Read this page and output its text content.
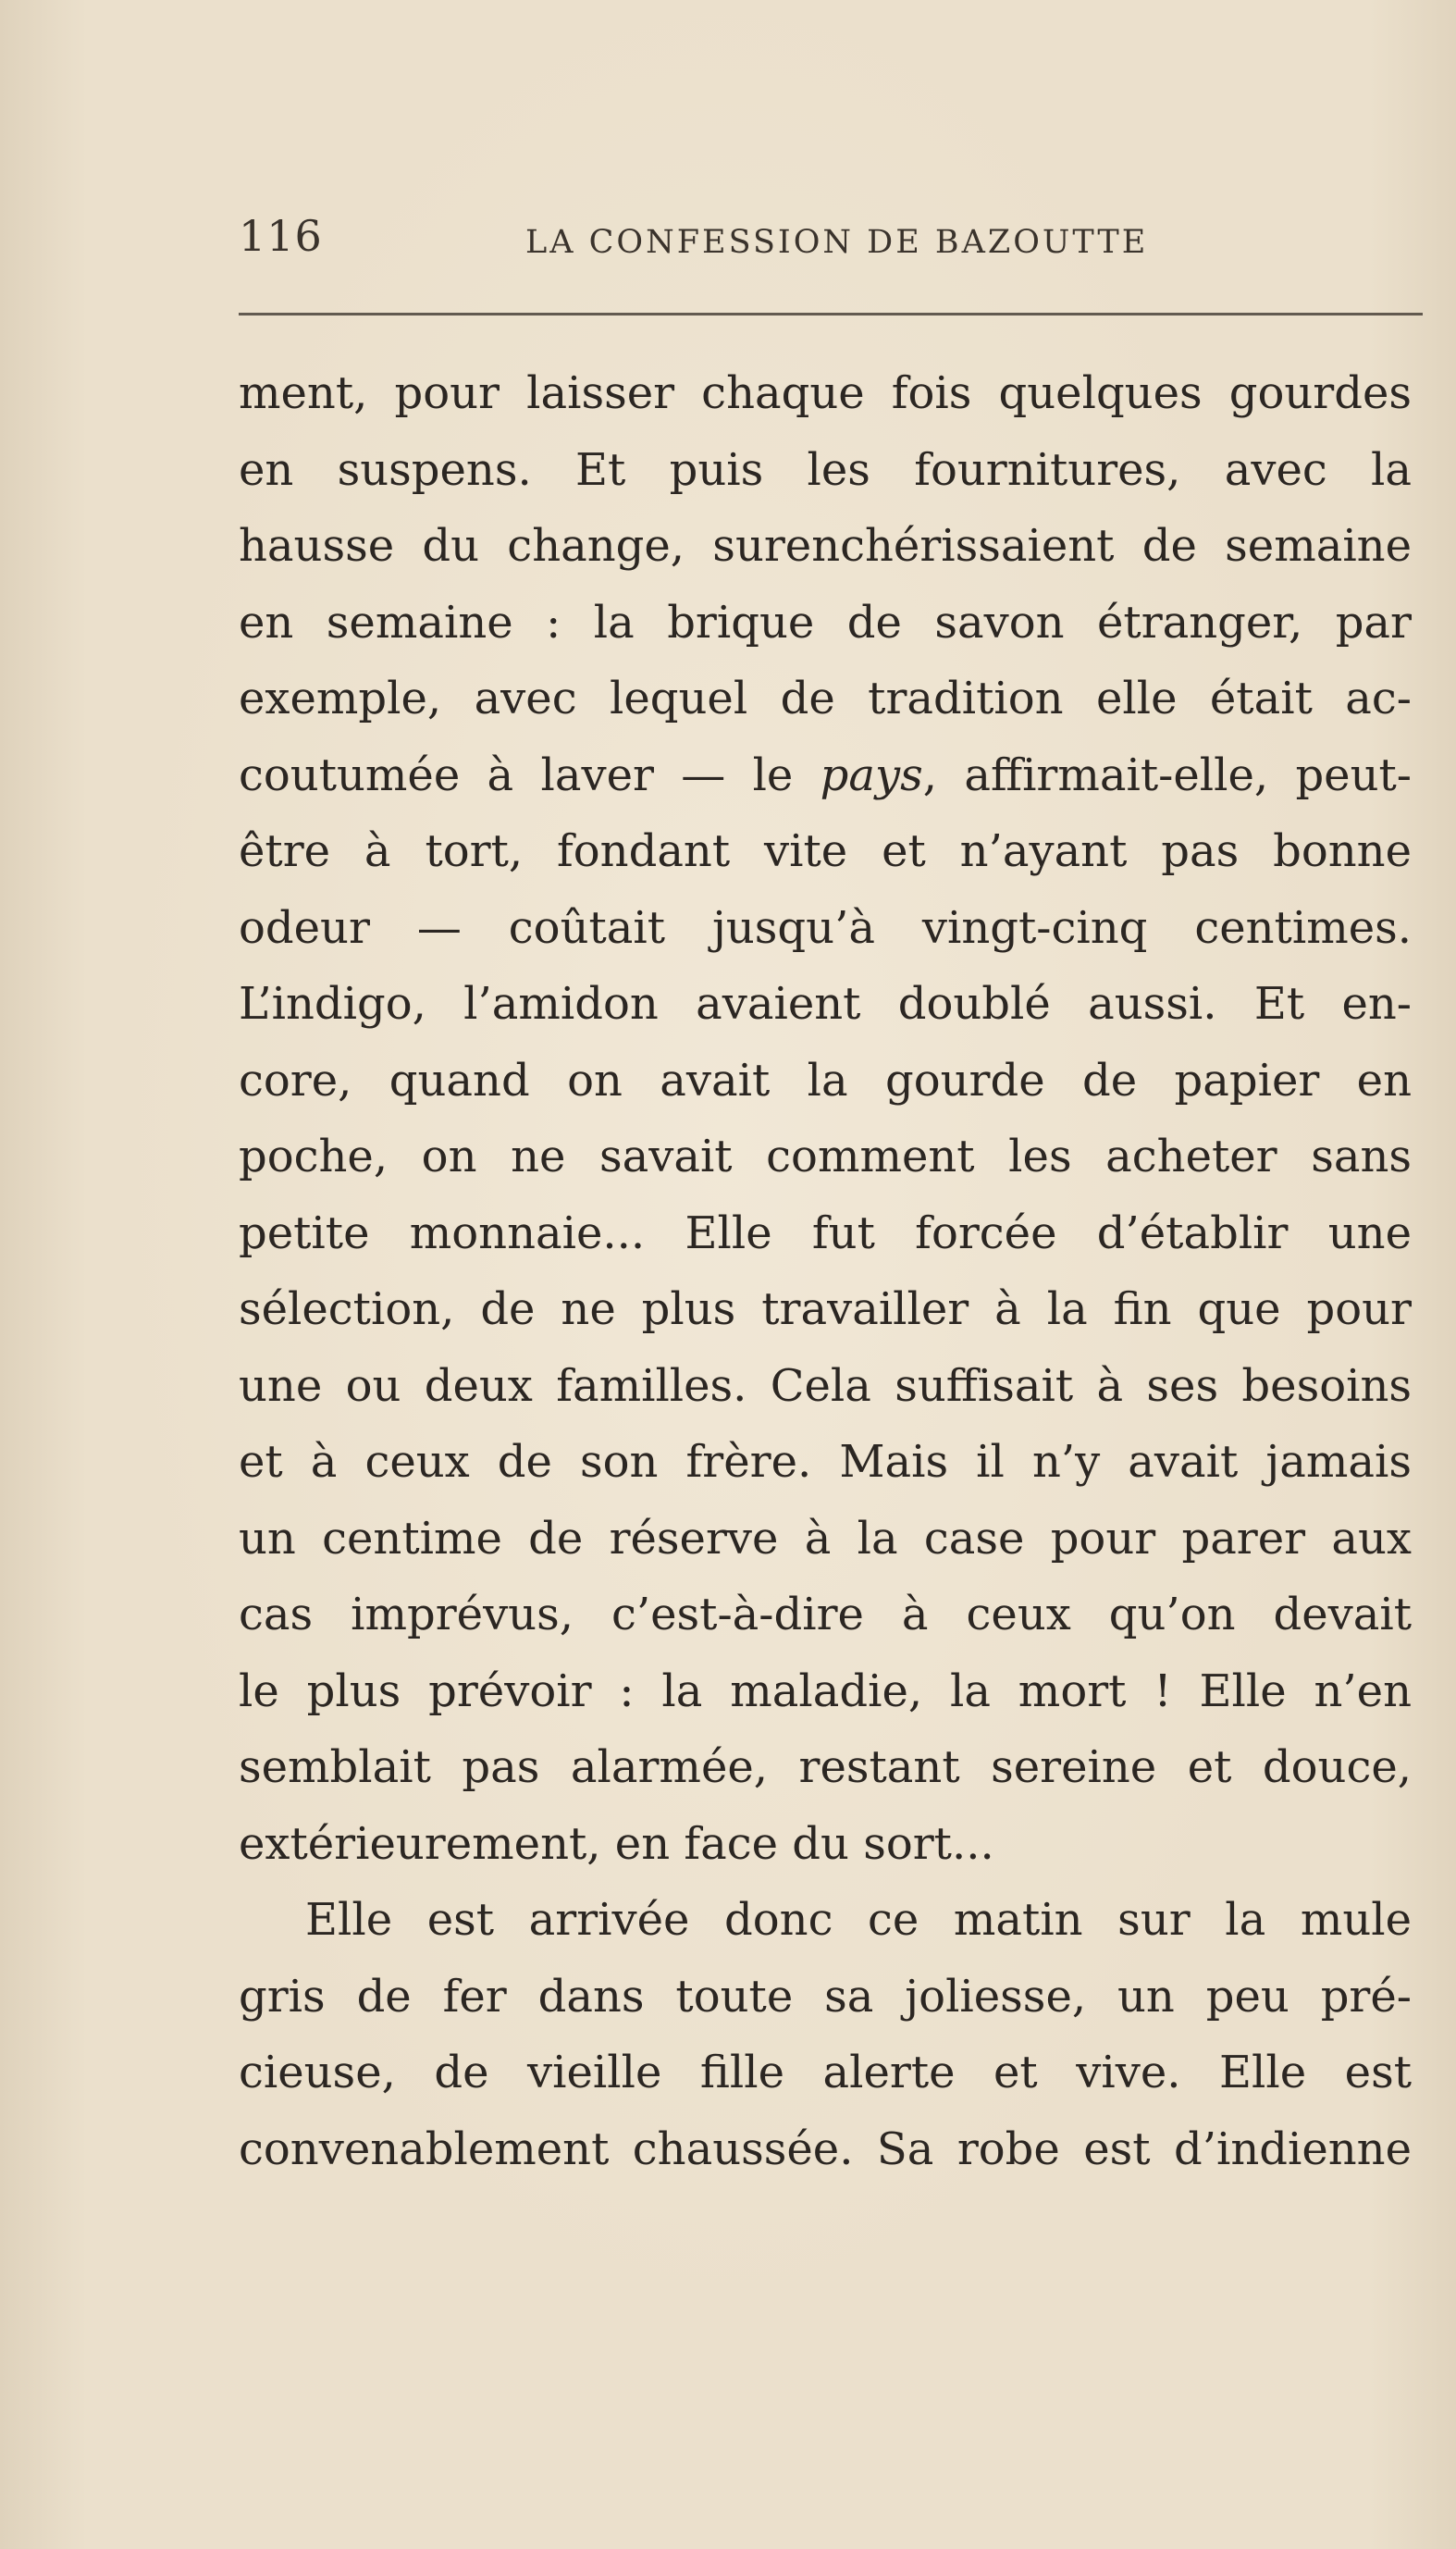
116	LA CONFESSION DE BAZOUTTE
ment, pour laisser chaque fois quelques gourdes
en suspens. Et puis les fournitures, avec la
hausse du change, surenchérissaient de semaine
en semaine : la brique de savon étranger, par
exemple, avec lequel de tradition elle était ac-
coutumée à laver — le pays, affirmait-elle, peut-
être à tort, fondant vite et n’ayant pas bonne
odeur — coûtait jusqu’à vingt-cinq centimes.
L’indigo, l’amidon avaient doublé aussi. Et en-
core, quand on avait la gourde de papier en
poche, on ne savait comment les acheter sans
petite monnaie... Elle fut forcée d’établir une
sélection, de ne plus travailler à la fin que pour
une ou deux familles. Cela suffisait à ses besoins
et à ceux de son frère. Mais il n’y avait jamais
un centime de réserve à la case pour parer aux
cas imprévus, c’est-à-dire à ceux qu’on devait
le plus prévoir : la maladie, la mort ! Elle n’en
semblait pas alarmée, restant sereine et douce,
extérieurement, en face du sort...
Elle est arrivée donc ce matin sur la mule
gris de fer dans toute sa joliesse, un peu pré-
cieuse, de vieille fille alerte et vive. Elle est
convenablement chaussée. Sa robe est d’indienne
